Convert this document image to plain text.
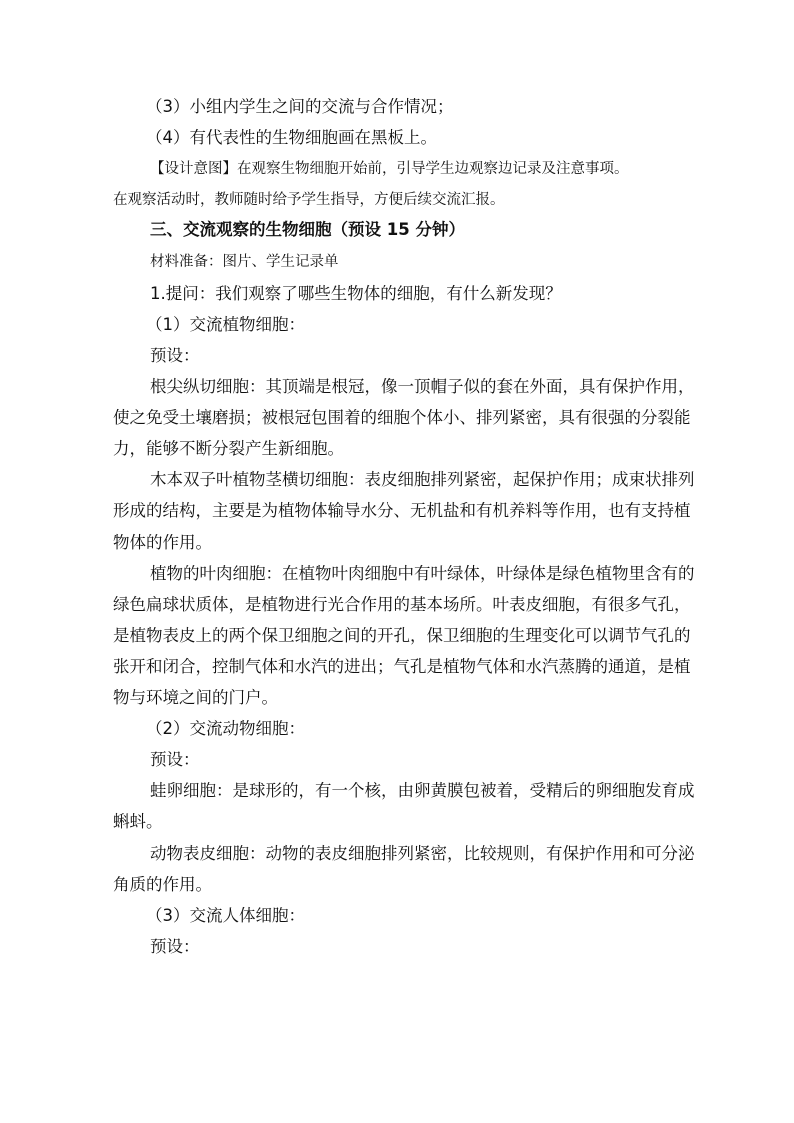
（3）小组内学生之间的交流与合作情况；
（4）有代表性的生物细胞画在黑板上。
【设计意图】在观察生物细胞开始前，引导学生边观察边记录及注意事项。
在观察活动时，教师随时给予学生指导，方便后续交流汇报。
三、交流观察的生物细胞（预设 15 分钟）
材料准备：图片、学生记录单
1.提问：我们观察了哪些生物体的细胞，有什么新发现？
（1）交流植物细胞：
预设：
根尖纵切细胞：其顶端是根冠，像一顶帽子似的套在外面，具有保护作用，
使之免受土壤磨损；被根冠包围着的细胞个体小、排列紧密，具有很强的分裂能
力，能够不断分裂产生新细胞。
木本双子叶植物茎横切细胞：表皮细胞排列紧密，起保护作用；成束状排列
形成的结构，主要是为植物体输导水分、无机盐和有机养料等作用，也有支持植
物体的作用。
植物的叶肉细胞：在植物叶肉细胞中有叶绿体，叶绿体是绿色植物里含有的
绿色扁球状质体，是植物进行光合作用的基本场所。叶表皮细胞，有很多气孔，
是植物表皮上的两个保卫细胞之间的开孔，保卫细胞的生理变化可以调节气孔的
张开和闭合，控制气体和水汽的进出；气孔是植物气体和水汽蒸腾的通道，是植
物与环境之间的门户。
（2）交流动物细胞：
预设：
蛙卵细胞：是球形的，有一个核，由卵黄膜包被着，受精后的卵细胞发育成
蝌蚪。
动物表皮细胞：动物的表皮细胞排列紧密，比较规则，有保护作用和可分泌
角质的作用。
（3）交流人体细胞：
预设：
